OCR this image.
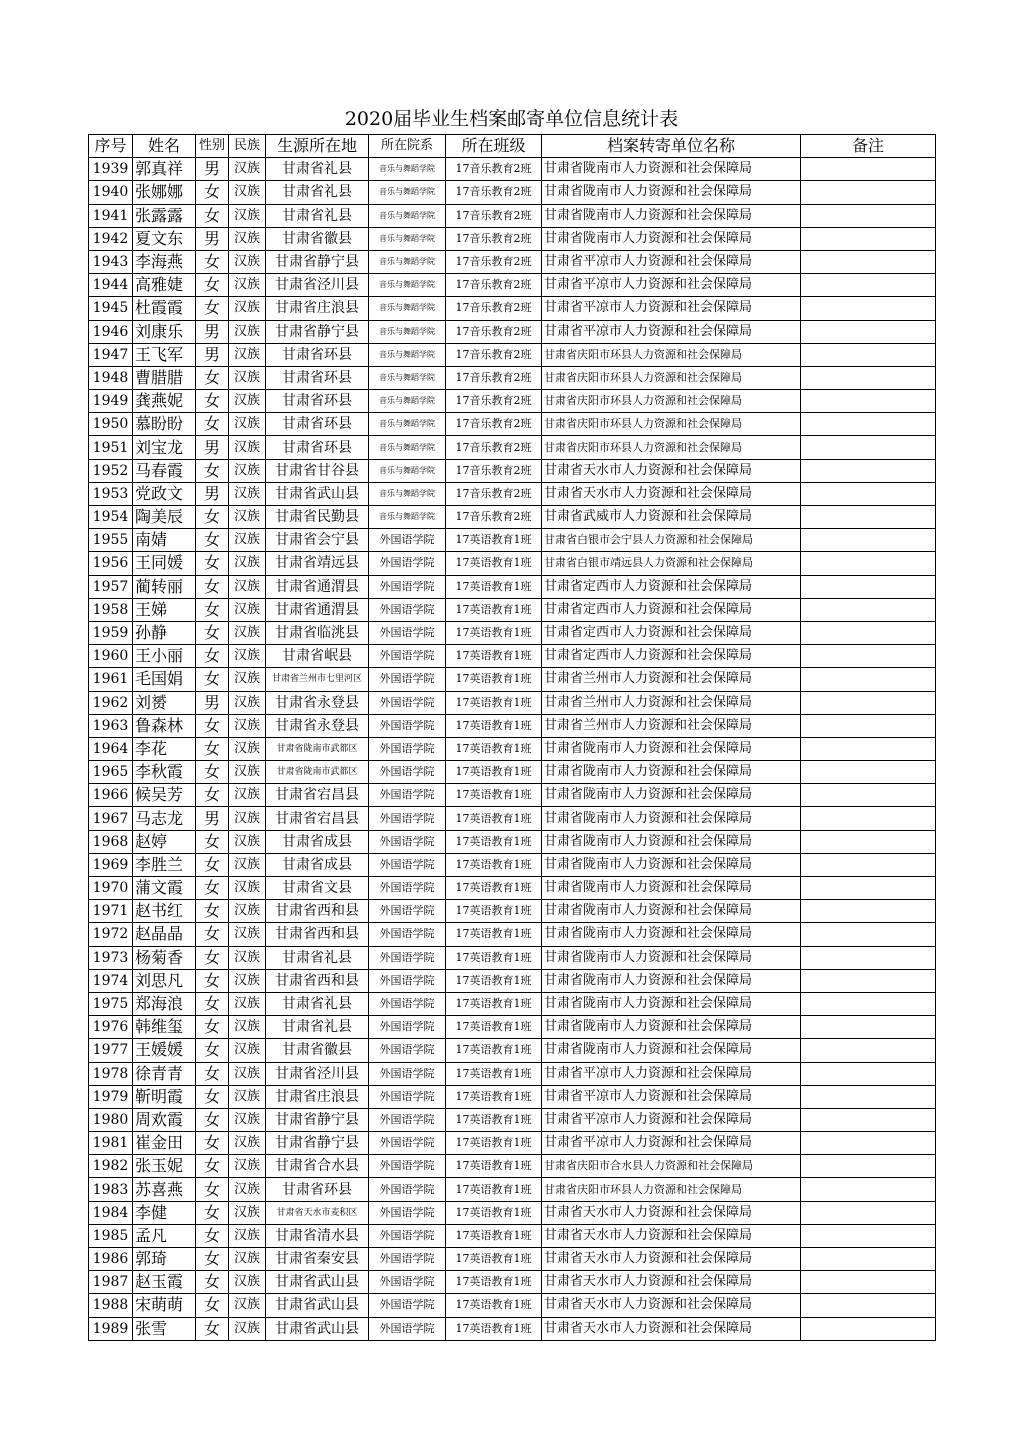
2020届毕业生档案邮寄单位信息统计表
序号	姓名	性别	民族	生源所在地	所在院系	所在班级	档案转寄单位名称	备注
1939	郭真祥	男	汉族	甘肃省礼县	音乐与舞蹈学院	17音乐教育2班	甘肃省陇南市人力资源和社会保障局	
1940	张娜娜	女	汉族	甘肃省礼县	音乐与舞蹈学院	17音乐教育2班	甘肃省陇南市人力资源和社会保障局	
1941	张露露	女	汉族	甘肃省礼县	音乐与舞蹈学院	17音乐教育2班	甘肃省陇南市人力资源和社会保障局	
1942	夏文东	男	汉族	甘肃省徽县	音乐与舞蹈学院	17音乐教育2班	甘肃省陇南市人力资源和社会保障局	
1943	李海燕	女	汉族	甘肃省静宁县	音乐与舞蹈学院	17音乐教育2班	甘肃省平凉市人力资源和社会保障局	
1944	高雅婕	女	汉族	甘肃省泾川县	音乐与舞蹈学院	17音乐教育2班	甘肃省平凉市人力资源和社会保障局	
1945	杜霞霞	女	汉族	甘肃省庄浪县	音乐与舞蹈学院	17音乐教育2班	甘肃省平凉市人力资源和社会保障局	
1946	刘康乐	男	汉族	甘肃省静宁县	音乐与舞蹈学院	17音乐教育2班	甘肃省平凉市人力资源和社会保障局	
1947	王飞军	男	汉族	甘肃省环县	音乐与舞蹈学院	17音乐教育2班	甘肃省庆阳市环县人力资源和社会保障局	
1948	曹腊腊	女	汉族	甘肃省环县	音乐与舞蹈学院	17音乐教育2班	甘肃省庆阳市环县人力资源和社会保障局	
1949	龚燕妮	女	汉族	甘肃省环县	音乐与舞蹈学院	17音乐教育2班	甘肃省庆阳市环县人力资源和社会保障局	
1950	慕盼盼	女	汉族	甘肃省环县	音乐与舞蹈学院	17音乐教育2班	甘肃省庆阳市环县人力资源和社会保障局	
1951	刘宝龙	男	汉族	甘肃省环县	音乐与舞蹈学院	17音乐教育2班	甘肃省庆阳市环县人力资源和社会保障局	
1952	马春霞	女	汉族	甘肃省甘谷县	音乐与舞蹈学院	17音乐教育2班	甘肃省天水市人力资源和社会保障局	
1953	党政文	男	汉族	甘肃省武山县	音乐与舞蹈学院	17音乐教育2班	甘肃省天水市人力资源和社会保障局	
1954	陶美辰	女	汉族	甘肃省民勤县	音乐与舞蹈学院	17音乐教育2班	甘肃省武威市人力资源和社会保障局	
1955	南婧	女	汉族	甘肃省会宁县	外国语学院	17英语教育1班	甘肃省白银市会宁县人力资源和社会保障局	
1956	王同媛	女	汉族	甘肃省靖远县	外国语学院	17英语教育1班	甘肃省白银市靖远县人力资源和社会保障局	
1957	蔺转丽	女	汉族	甘肃省通渭县	外国语学院	17英语教育1班	甘肃省定西市人力资源和社会保障局	
1958	王娣	女	汉族	甘肃省通渭县	外国语学院	17英语教育1班	甘肃省定西市人力资源和社会保障局	
1959	孙静	女	汉族	甘肃省临洮县	外国语学院	17英语教育1班	甘肃省定西市人力资源和社会保障局	
1960	王小丽	女	汉族	甘肃省岷县	外国语学院	17英语教育1班	甘肃省定西市人力资源和社会保障局	
1961	毛国娟	女	汉族	甘肃省兰州市七里河区	外国语学院	17英语教育1班	甘肃省兰州市人力资源和社会保障局	
1962	刘赟	男	汉族	甘肃省永登县	外国语学院	17英语教育1班	甘肃省兰州市人力资源和社会保障局	
1963	鲁森林	女	汉族	甘肃省永登县	外国语学院	17英语教育1班	甘肃省兰州市人力资源和社会保障局	
1964	李花	女	汉族	甘肃省陇南市武都区	外国语学院	17英语教育1班	甘肃省陇南市人力资源和社会保障局	
1965	李秋霞	女	汉族	甘肃省陇南市武都区	外国语学院	17英语教育1班	甘肃省陇南市人力资源和社会保障局	
1966	候吴芳	女	汉族	甘肃省宕昌县	外国语学院	17英语教育1班	甘肃省陇南市人力资源和社会保障局	
1967	马志龙	男	汉族	甘肃省宕昌县	外国语学院	17英语教育1班	甘肃省陇南市人力资源和社会保障局	
1968	赵婷	女	汉族	甘肃省成县	外国语学院	17英语教育1班	甘肃省陇南市人力资源和社会保障局	
1969	李胜兰	女	汉族	甘肃省成县	外国语学院	17英语教育1班	甘肃省陇南市人力资源和社会保障局	
1970	蒲文霞	女	汉族	甘肃省文县	外国语学院	17英语教育1班	甘肃省陇南市人力资源和社会保障局	
1971	赵书红	女	汉族	甘肃省西和县	外国语学院	17英语教育1班	甘肃省陇南市人力资源和社会保障局	
1972	赵晶晶	女	汉族	甘肃省西和县	外国语学院	17英语教育1班	甘肃省陇南市人力资源和社会保障局	
1973	杨菊香	女	汉族	甘肃省礼县	外国语学院	17英语教育1班	甘肃省陇南市人力资源和社会保障局	
1974	刘思凡	女	汉族	甘肃省西和县	外国语学院	17英语教育1班	甘肃省陇南市人力资源和社会保障局	
1975	郑海浪	女	汉族	甘肃省礼县	外国语学院	17英语教育1班	甘肃省陇南市人力资源和社会保障局	
1976	韩维玺	女	汉族	甘肃省礼县	外国语学院	17英语教育1班	甘肃省陇南市人力资源和社会保障局	
1977	王媛媛	女	汉族	甘肃省徽县	外国语学院	17英语教育1班	甘肃省陇南市人力资源和社会保障局	
1978	徐青青	女	汉族	甘肃省泾川县	外国语学院	17英语教育1班	甘肃省平凉市人力资源和社会保障局	
1979	靳明霞	女	汉族	甘肃省庄浪县	外国语学院	17英语教育1班	甘肃省平凉市人力资源和社会保障局	
1980	周欢霞	女	汉族	甘肃省静宁县	外国语学院	17英语教育1班	甘肃省平凉市人力资源和社会保障局	
1981	崔金田	女	汉族	甘肃省静宁县	外国语学院	17英语教育1班	甘肃省平凉市人力资源和社会保障局	
1982	张玉妮	女	汉族	甘肃省合水县	外国语学院	17英语教育1班	甘肃省庆阳市合水县人力资源和社会保障局	
1983	苏喜燕	女	汉族	甘肃省环县	外国语学院	17英语教育1班	甘肃省庆阳市环县人力资源和社会保障局	
1984	李健	女	汉族	甘肃省天水市麦积区	外国语学院	17英语教育1班	甘肃省天水市人力资源和社会保障局	
1985	孟凡	女	汉族	甘肃省清水县	外国语学院	17英语教育1班	甘肃省天水市人力资源和社会保障局	
1986	郭琦	女	汉族	甘肃省秦安县	外国语学院	17英语教育1班	甘肃省天水市人力资源和社会保障局	
1987	赵玉霞	女	汉族	甘肃省武山县	外国语学院	17英语教育1班	甘肃省天水市人力资源和社会保障局	
1988	宋萌萌	女	汉族	甘肃省武山县	外国语学院	17英语教育1班	甘肃省天水市人力资源和社会保障局	
1989	张雪	女	汉族	甘肃省武山县	外国语学院	17英语教育1班	甘肃省天水市人力资源和社会保障局	
